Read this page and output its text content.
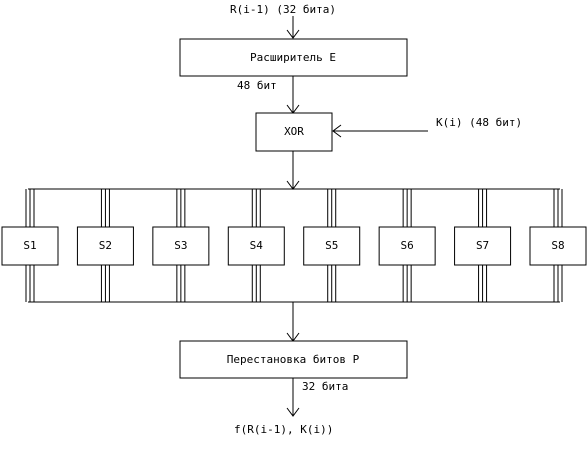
R(i-1) (32 бита)
Расширитель E
48 бит
XOR
K(i) (48 бит)
S1	S2	S3	S4	S5	S6	S7	S8
Перестановка битов P
32 бита
f(R(i-1), K(i))
